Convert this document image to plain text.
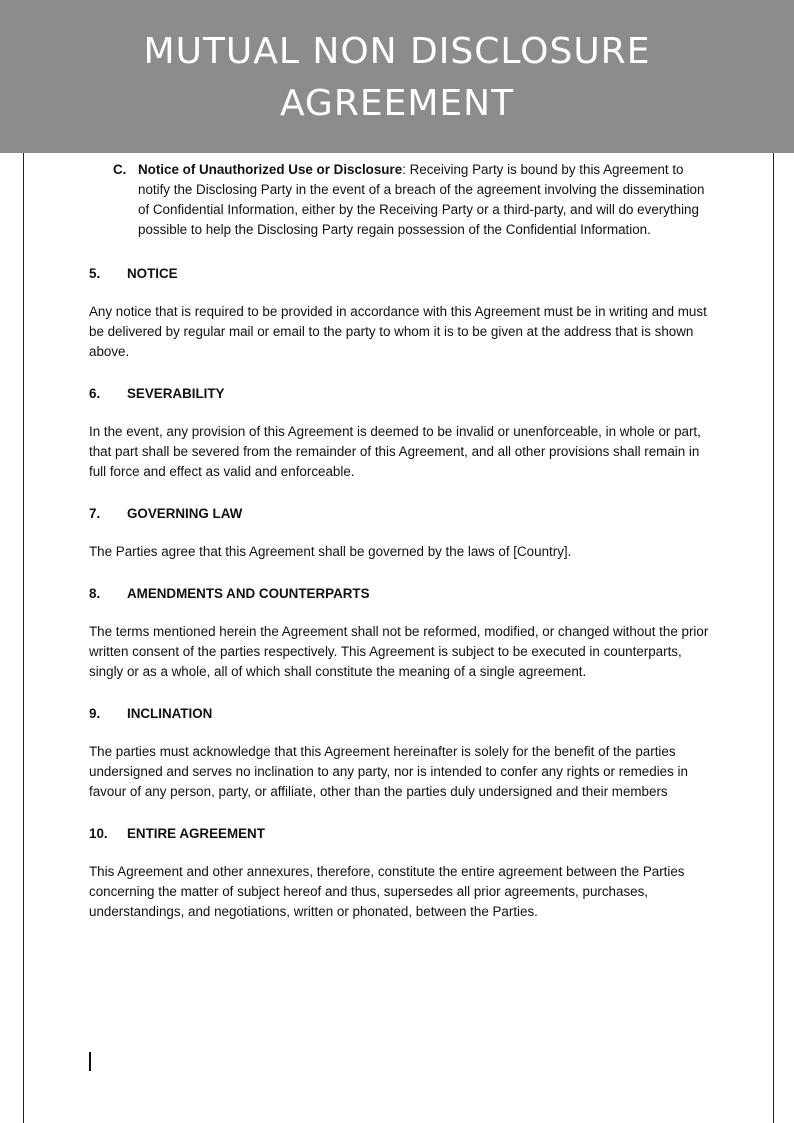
MUTUAL NON DISCLOSURE AGREEMENT
C. Notice of Unauthorized Use or Disclosure: Receiving Party is bound by this Agreement to notify the Disclosing Party in the event of a breach of the agreement involving the dissemination of Confidential Information, either by the Receiving Party or a third-party, and will do everything possible to help the Disclosing Party regain possession of the Confidential Information.
5.	NOTICE
Any notice that is required to be provided in accordance with this Agreement must be in writing and must be delivered by regular mail or email to the party to whom it is to be given at the address that is shown above.
6.	SEVERABILITY
In the event, any provision of this Agreement is deemed to be invalid or unenforceable, in whole or part, that part shall be severed from the remainder of this Agreement, and all other provisions shall remain in full force and effect as valid and enforceable.
7.	GOVERNING LAW
The Parties agree that this Agreement shall be governed by the laws of [Country].
8.	AMENDMENTS AND COUNTERPARTS
The terms mentioned herein the Agreement shall not be reformed, modified, or changed without the prior written consent of the parties respectively. This Agreement is subject to be executed in counterparts, singly or as a whole, all of which shall constitute the meaning of a single agreement.
9.	INCLINATION
The parties must acknowledge that this Agreement hereinafter is solely for the benefit of the parties undersigned and serves no inclination to any party, nor is intended to confer any rights or remedies in favour of any person, party, or affiliate, other than the parties duly undersigned and their members
10.	ENTIRE AGREEMENT
This Agreement and other annexures, therefore, constitute the entire agreement between the Parties concerning the matter of subject hereof and thus, supersedes all prior agreements, purchases, understandings, and negotiations, written or phonated, between the Parties.
